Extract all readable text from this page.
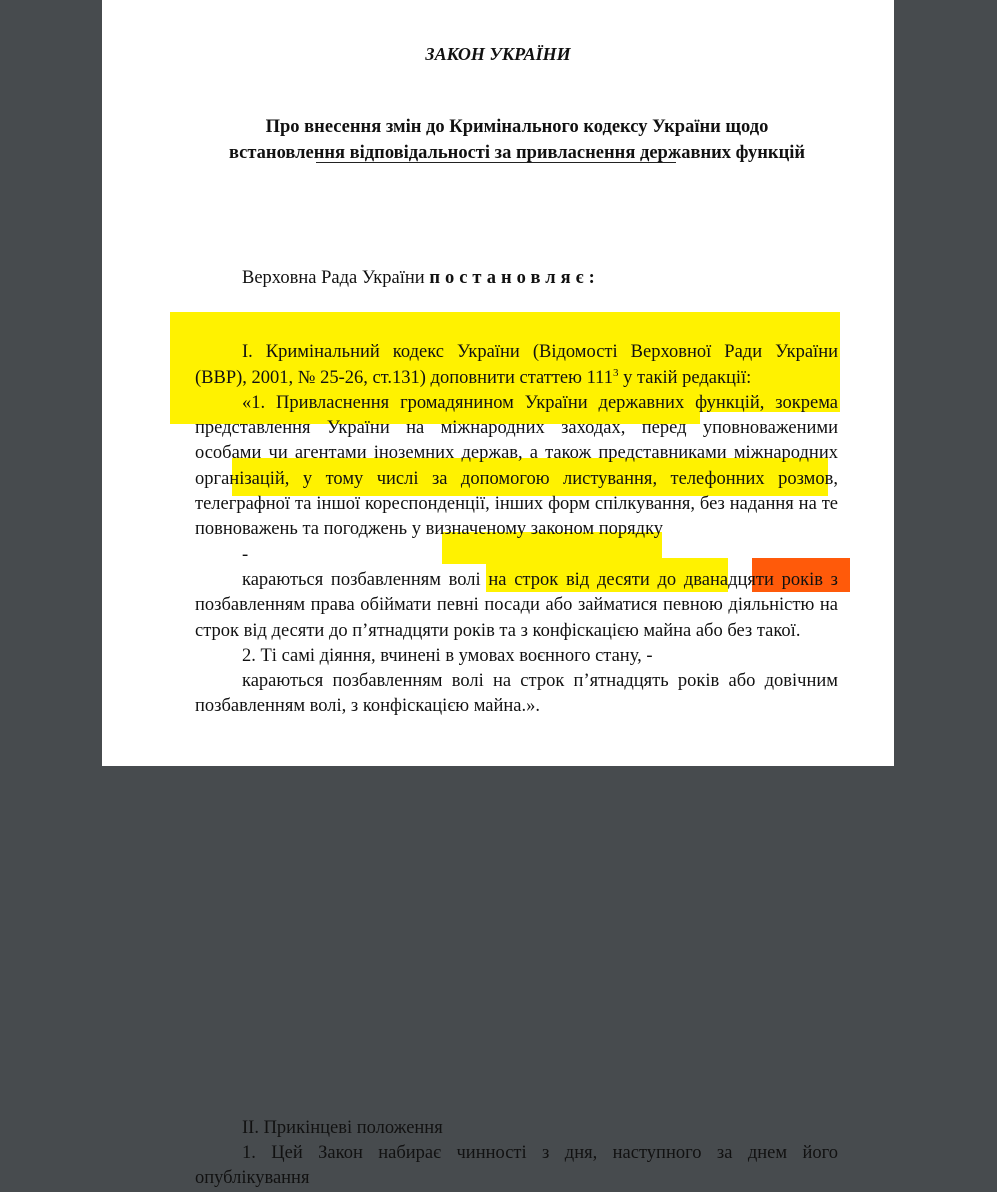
ЗАКОН УКРАЇНИ
Про внесення змін до Кримінального кодексу України щодо
встановлення відповідальності за привласнення державних функцій
Верховна Рада України постановляє:
І. Кримінальний кодекс України (Відомості Верховної Ради України
(ВВР), 2001, № 25-26, ст.131) доповнити статтею $111^3$ у такій редакції:
«1. Привласнення громадянином України державних функцій, зокрема
представлення України на міжнародних заходах, перед уповноваженими
особами чи агентами іноземних держав, а також представниками міжнародних
організацій, у тому числі за допомогою листування, телефонних розмов,
телеграфної та іншої кореспонденції, інших форм спілкування, без надання на те
повноважень та погоджень у визначеному законом порядку
-
караються позбавленням волі на строк від десяти до дванадцяти років з
позбавленням права обіймати певні посади або займатися певною діяльністю на
строк від десяти до п’ятнадцяти років та з конфіскацією майна або без такої.
2. Ті самі діяння, вчинені в умовах воєнного стану, -
караються позбавленням волі на строк п’ятнадцять років або довічним
позбавленням волі, з конфіскацією майна.».
ІІ. Прикінцеві положення
1. Цей Закон набирає чинності з дня, наступного за днем його
опублікування
